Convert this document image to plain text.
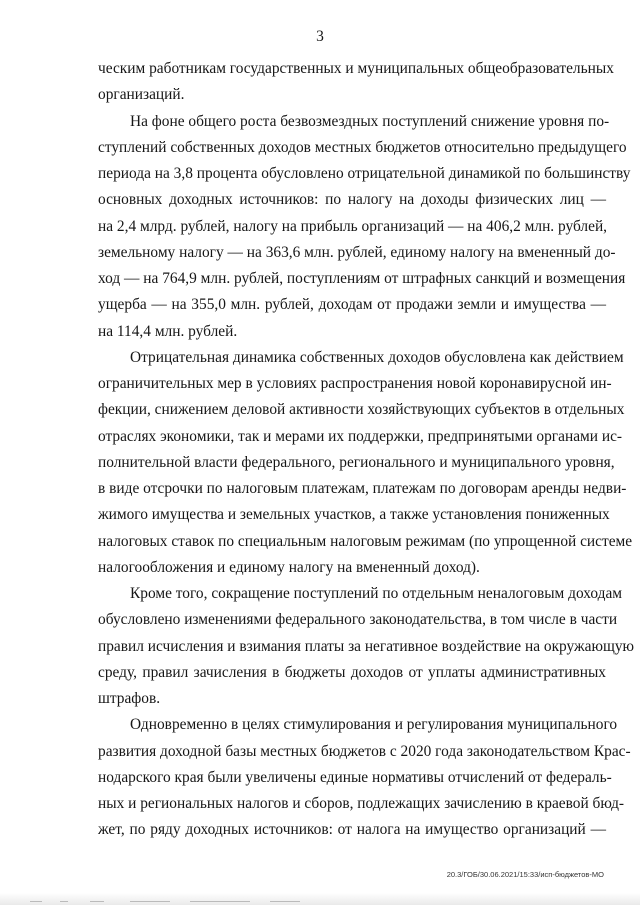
3
ческим работникам государственных и муниципальных общеобразовательных
организаций.
На фоне общего роста безвозмездных поступлений снижение уровня по-
ступлений собственных доходов местных бюджетов относительно предыдущего
периода на 3,8 процента обусловлено отрицательной динамикой по большинству
основных доходных источников: по налогу на доходы физических лиц —
на 2,4 млрд. рублей, налогу на прибыль организаций — на 406,2 млн. рублей,
земельному налогу — на 363,6 млн. рублей, единому налогу на вмененный до-
ход — на 764,9 млн. рублей, поступлениям от штрафных санкций и возмещения
ущерба — на 355,0 млн. рублей, доходам от продажи земли и имущества —
на 114,4 млн. рублей.
Отрицательная динамика собственных доходов обусловлена как действием
ограничительных мер в условиях распространения новой коронавирусной ин-
фекции, снижением деловой активности хозяйствующих субъектов в отдельных
отраслях экономики, так и мерами их поддержки, предпринятыми органами ис-
полнительной власти федерального, регионального и муниципального уровня,
в виде отсрочки по налоговым платежам, платежам по договорам аренды недви-
жимого имущества и земельных участков, а также установления пониженных
налоговых ставок по специальным налоговым режимам (по упрощенной системе
налогообложения и единому налогу на вмененный доход).
Кроме того, сокращение поступлений по отдельным неналоговым доходам
обусловлено изменениями федерального законодательства, в том числе в части
правил исчисления и взимания платы за негативное воздействие на окружающую
среду, правил зачисления в бюджеты доходов от уплаты административных
штрафов.
Одновременно в целях стимулирования и регулирования муниципального
развития доходной базы местных бюджетов с 2020 года законодательством Крас-
нодарского края были увеличены единые нормативы отчислений от федераль-
ных и региональных налогов и сборов, подлежащих зачислению в краевой бюд-
жет, по ряду доходных источников: от налога на имущество организаций —
20.3/ГОБ/30.06.2021/15:33/исп-бюджетов-МО
